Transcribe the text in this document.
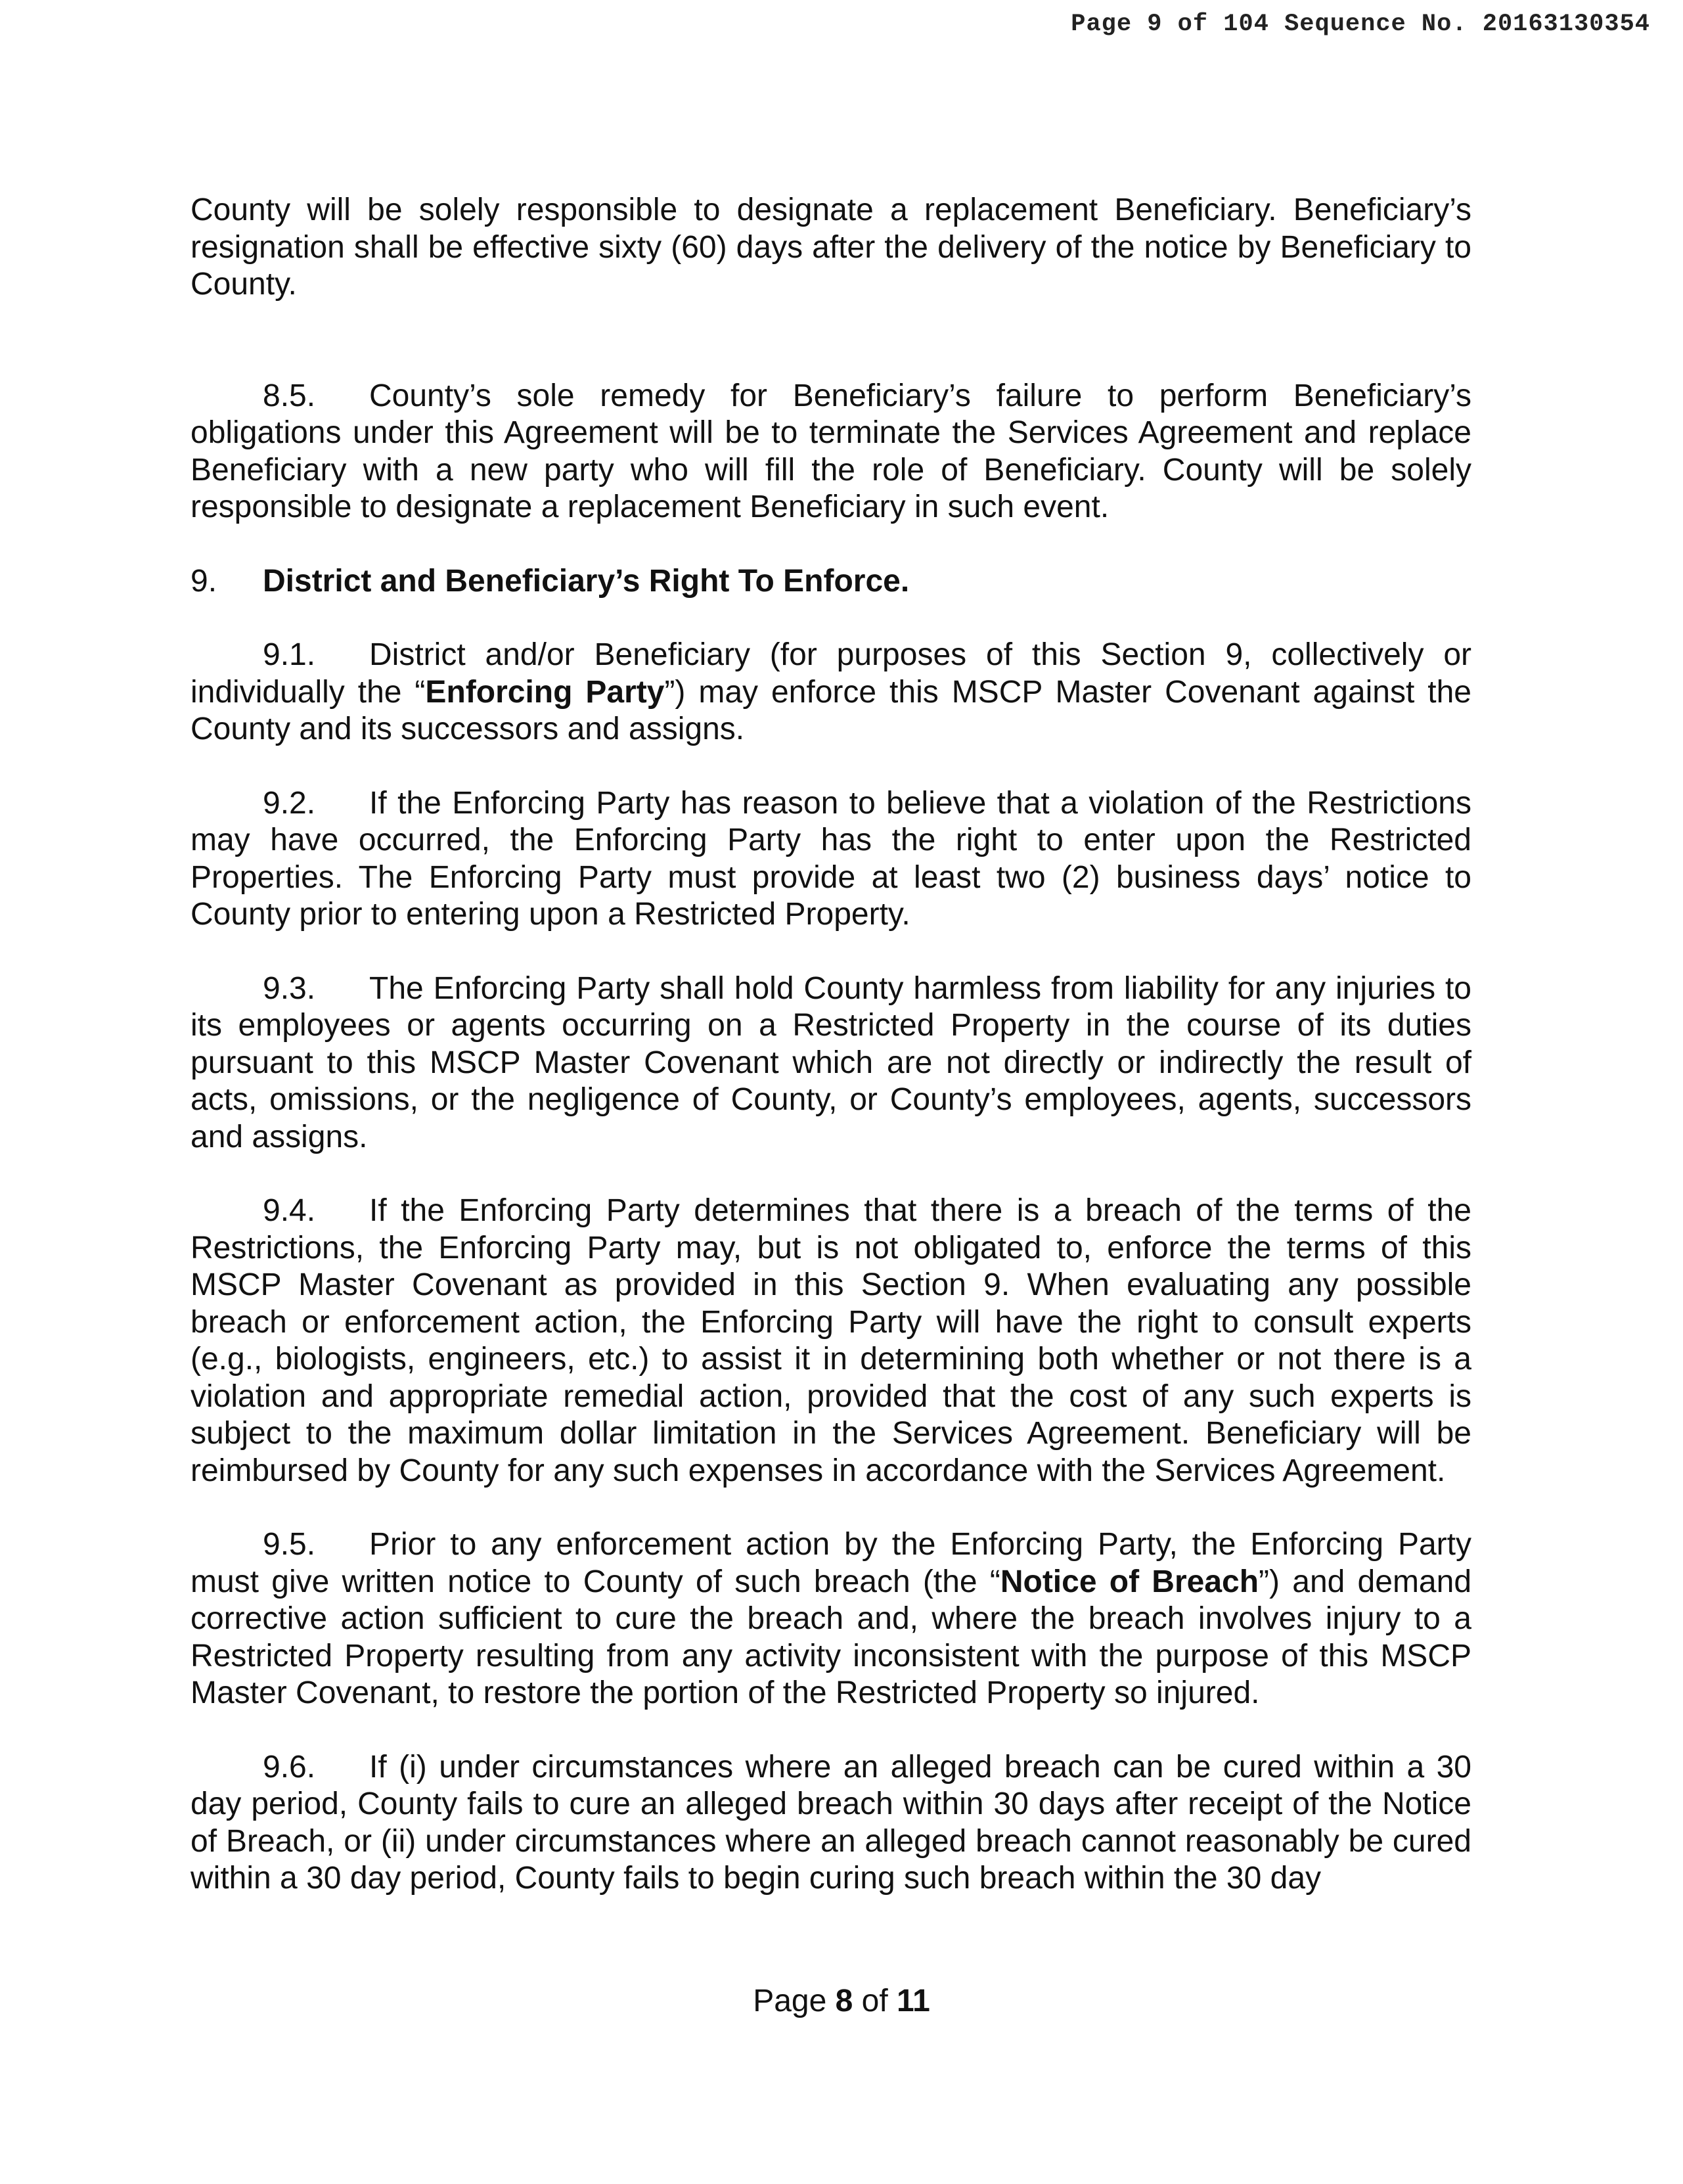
Page 9 of 104 Sequence No. 20163130354

County will be solely responsible to designate a replacement Beneficiary. Beneficiary’s resignation shall be effective sixty (60) days after the delivery of the notice by Beneficiary to County.

8.5. County’s sole remedy for Beneficiary’s failure to perform Beneficiary’s obligations under this Agreement will be to terminate the Services Agreement and replace Beneficiary with a new party who will fill the role of Beneficiary. County will be solely responsible to designate a replacement Beneficiary in such event.

9. District and Beneficiary’s Right To Enforce.

9.1. District and/or Beneficiary (for purposes of this Section 9, collectively or individually the “Enforcing Party”) may enforce this MSCP Master Covenant against the County and its successors and assigns.

9.2. If the Enforcing Party has reason to believe that a violation of the Restrictions may have occurred, the Enforcing Party has the right to enter upon the Restricted Properties. The Enforcing Party must provide at least two (2) business days’ notice to County prior to entering upon a Restricted Property.

9.3. The Enforcing Party shall hold County harmless from liability for any injuries to its employees or agents occurring on a Restricted Property in the course of its duties pursuant to this MSCP Master Covenant which are not directly or indirectly the result of acts, omissions, or the negligence of County, or County’s employees, agents, successors and assigns.

9.4. If the Enforcing Party determines that there is a breach of the terms of the Restrictions, the Enforcing Party may, but is not obligated to, enforce the terms of this MSCP Master Covenant as provided in this Section 9. When evaluating any possible breach or enforcement action, the Enforcing Party will have the right to consult experts (e.g., biologists, engineers, etc.) to assist it in determining both whether or not there is a violation and appropriate remedial action, provided that the cost of any such experts is subject to the maximum dollar limitation in the Services Agreement. Beneficiary will be reimbursed by County for any such expenses in accordance with the Services Agreement.

9.5. Prior to any enforcement action by the Enforcing Party, the Enforcing Party must give written notice to County of such breach (the “Notice of Breach”) and demand corrective action sufficient to cure the breach and, where the breach involves injury to a Restricted Property resulting from any activity inconsistent with the purpose of this MSCP Master Covenant, to restore the portion of the Restricted Property so injured.

9.6. If (i) under circumstances where an alleged breach can be cured within a 30 day period, County fails to cure an alleged breach within 30 days after receipt of the Notice of Breach, or (ii) under circumstances where an alleged breach cannot reasonably be cured within a 30 day period, County fails to begin curing such breach within the 30 day

Page 8 of 11
